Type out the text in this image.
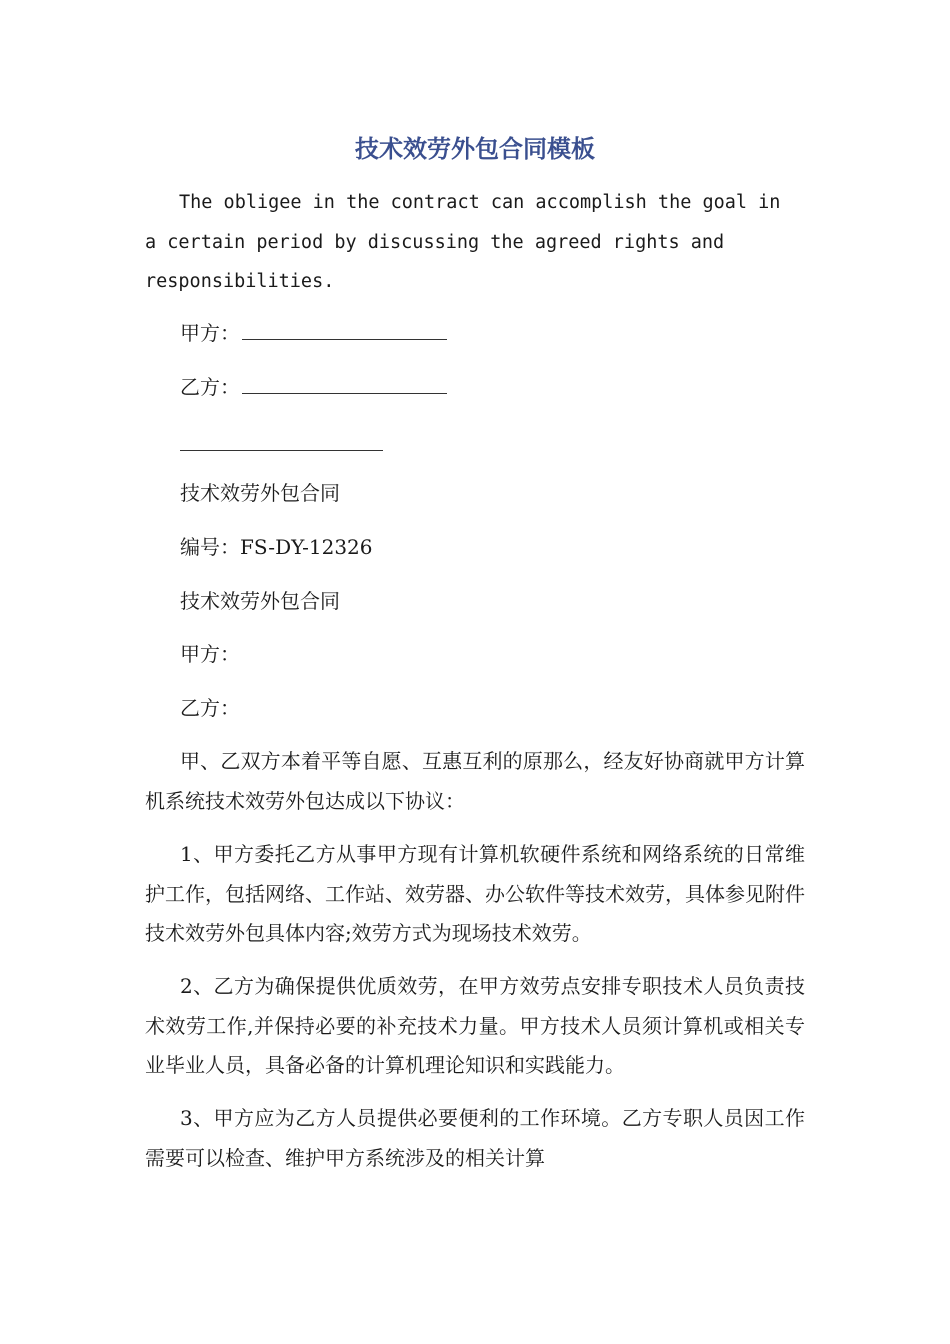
技术效劳外包合同模板
The obligee in the contract can accomplish the goal in a certain period by discussing the agreed rights and responsibilities.
甲方：
乙方：
技术效劳外包合同
编号：FS-DY-12326
技术效劳外包合同
甲方：
乙方：
甲、乙双方本着平等自愿、互惠互利的原那么，经友好协商就甲方计算机系统技术效劳外包达成以下协议：
1、甲方委托乙方从事甲方现有计算机软硬件系统和网络系统的日常维护工作，包括网络、工作站、效劳器、办公软件等技术效劳，具体参见附件技术效劳外包具体内容;效劳方式为现场技术效劳。
2、乙方为确保提供优质效劳，在甲方效劳点安排专职技术人员负责技术效劳工作,并保持必要的补充技术力量。甲方技术人员须计算机或相关专业毕业人员，具备必备的计算机理论知识和实践能力。
3、甲方应为乙方人员提供必要便利的工作环境。乙方专职人员因工作需要可以检查、维护甲方系统涉及的相关计算
